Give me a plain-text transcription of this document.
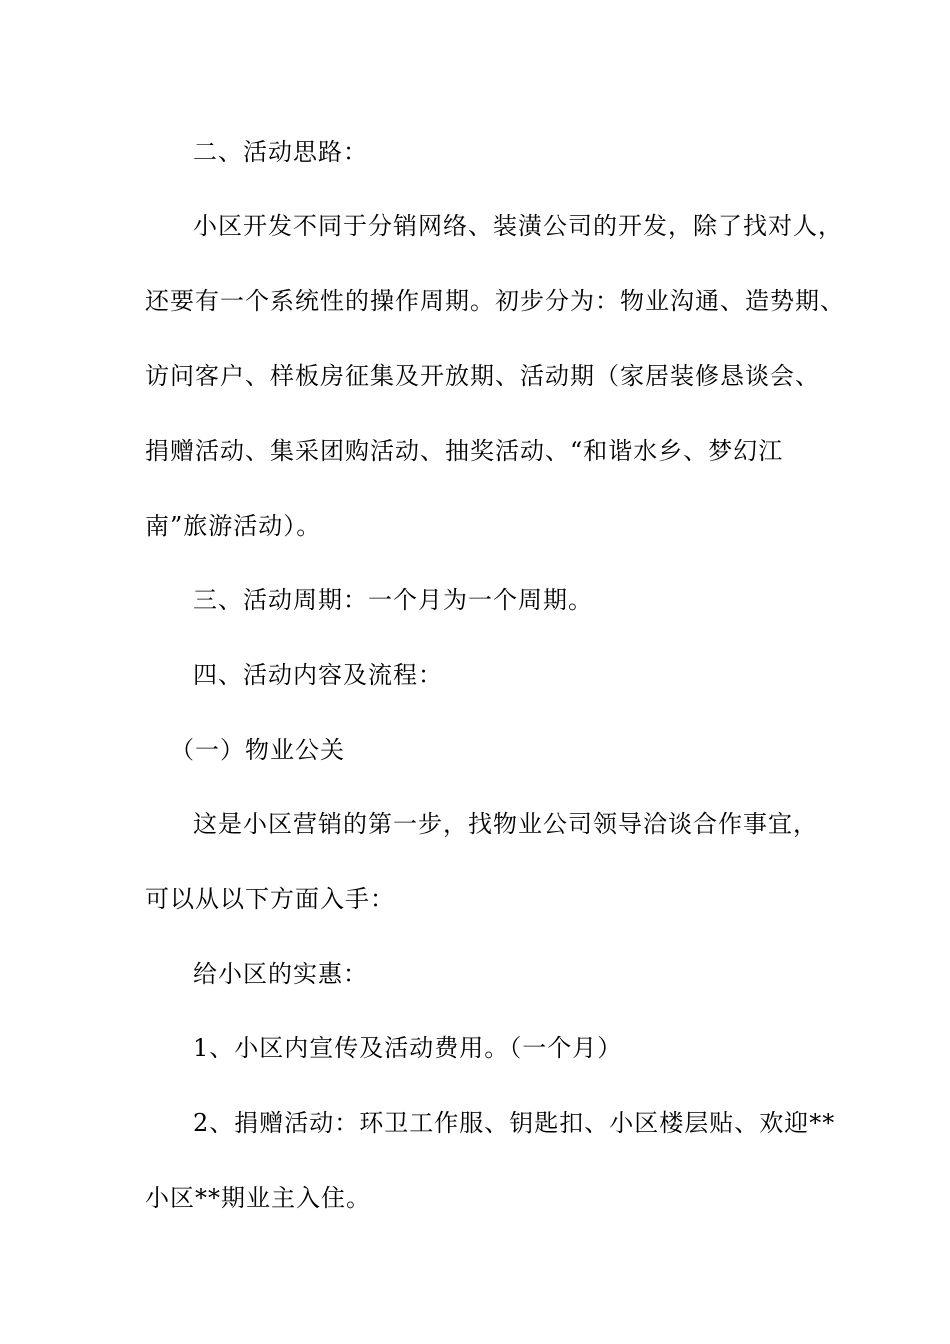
二、活动思路：
小区开发不同于分销网络、装潢公司的开发，除了找对人，
还要有一个系统性的操作周期。初步分为：物业沟通、造势期、
访问客户、样板房征集及开放期、活动期（家居装修恳谈会、
捐赠活动、集采团购活动、抽奖活动、“和谐水乡、梦幻江
南”旅游活动）。
三、活动周期：一个月为一个周期。
四、活动内容及流程：
（一）物业公关
这是小区营销的第一步，找物业公司领导洽谈合作事宜，
可以从以下方面入手：
给小区的实惠：
1、小区内宣传及活动费用。（一个月）
2、捐赠活动：环卫工作服、钥匙扣、小区楼层贴、欢迎**
小区**期业主入住。
